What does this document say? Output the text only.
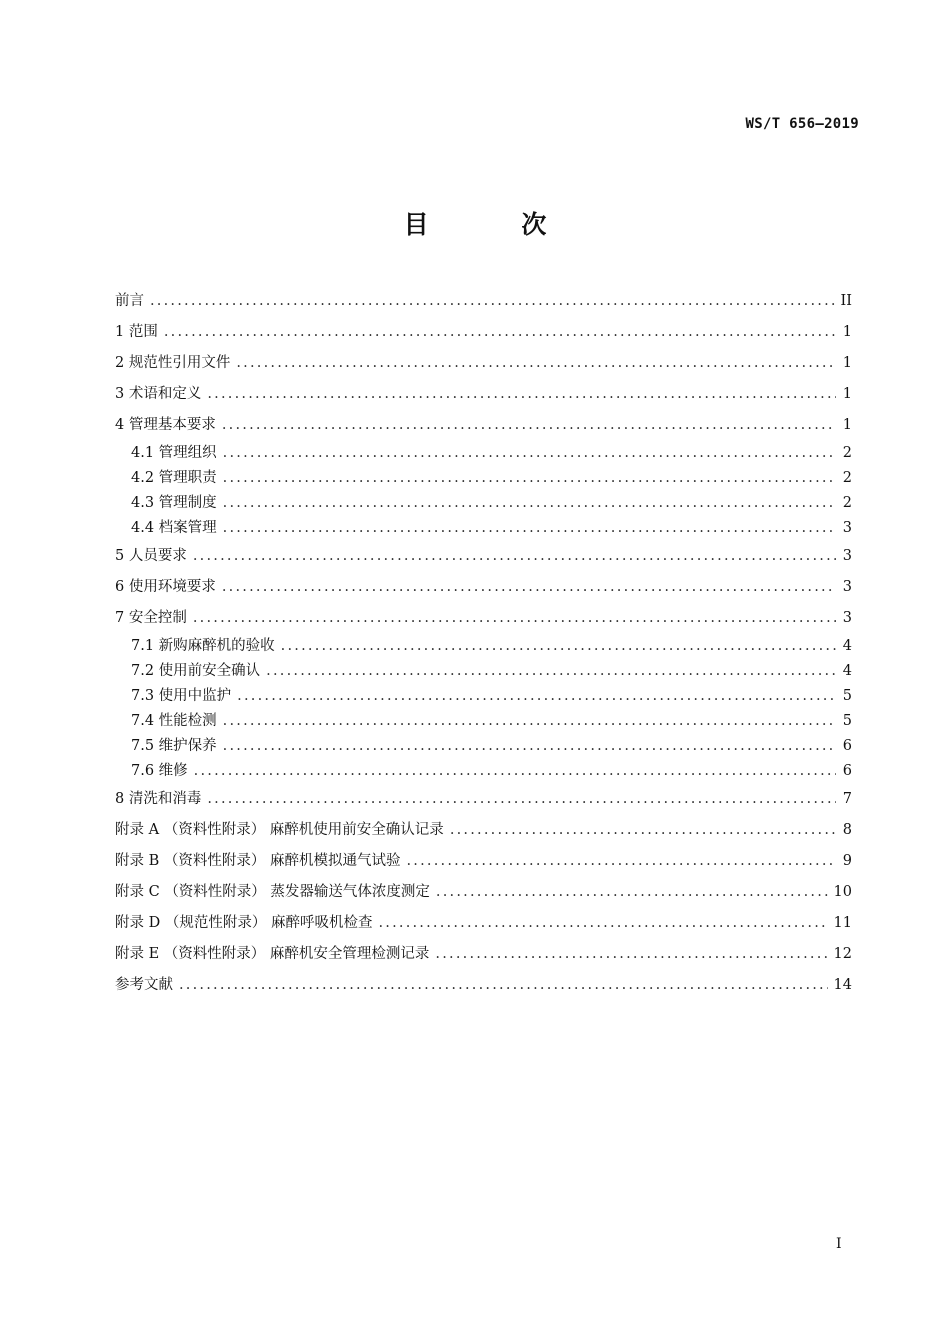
WS/T 656—2019
目 次
前言 .....	II
1 范围 .....	1
2 规范性引用文件 .....	1
3 术语和定义 .....	1
4 管理基本要求 .....	1
4.1 管理组织 .....	2
4.2 管理职责 .....	2
4.3 管理制度 .....	2
4.4 档案管理 .....	3
5 人员要求 .....	3
6 使用环境要求 .....	3
7 安全控制 .....	3
7.1 新购麻醉机的验收 .....	4
7.2 使用前安全确认 .....	4
7.3 使用中监护 .....	5
7.4 性能检测 .....	5
7.5 维护保养 .....	6
7.6 维修 .....	6
8 清洗和消毒 .....	7
附录 A （资料性附录） 麻醉机使用前安全确认记录 .....	8
附录 B （资料性附录） 麻醉机模拟通气试验 .....	9
附录 C （资料性附录） 蒸发器输送气体浓度测定 .....	10
附录 D （规范性附录） 麻醉呼吸机检查 .....	11
附录 E （资料性附录） 麻醉机安全管理检测记录 .....	12
参考文献 .....	14
I
